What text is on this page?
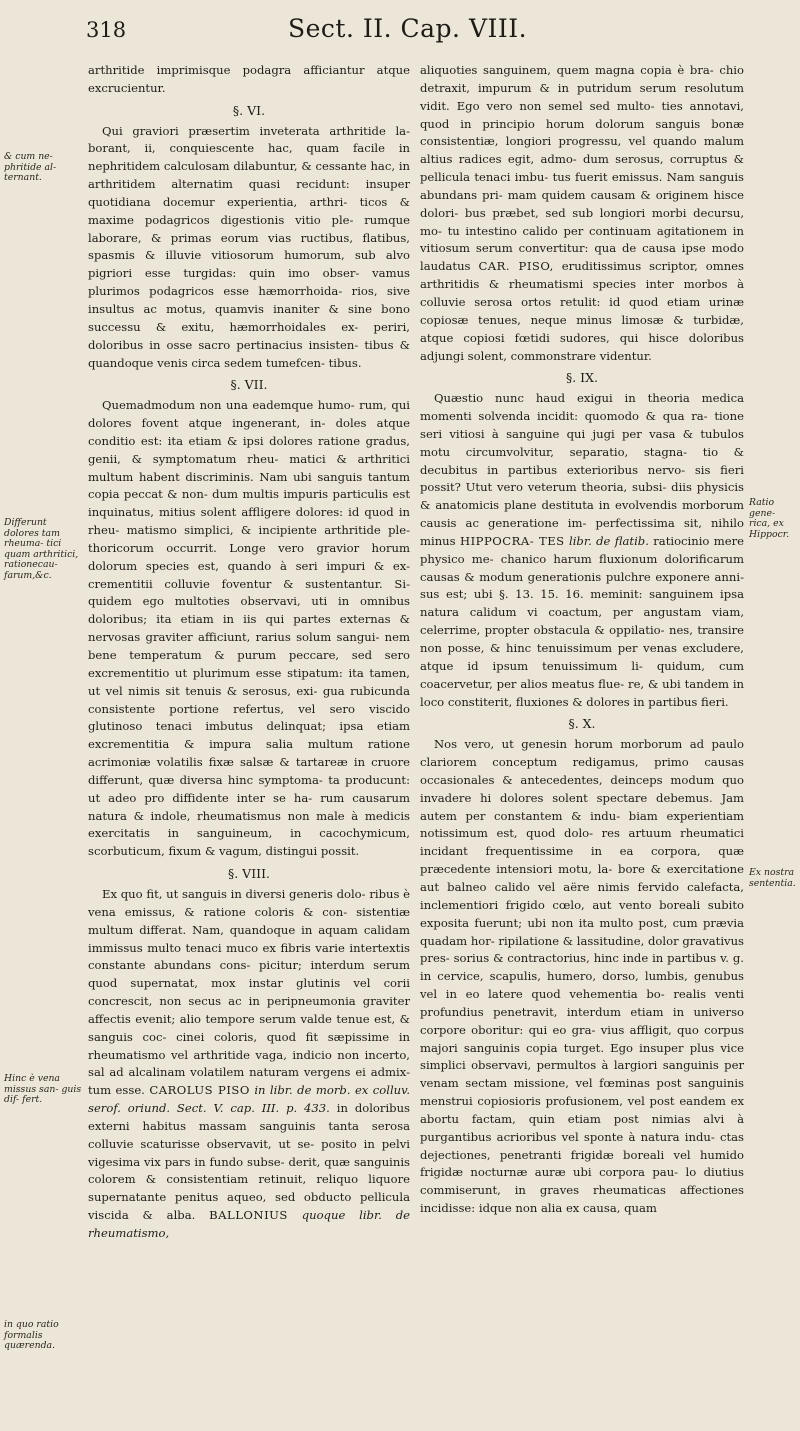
318	Sect. II. Cap. VIII.
& cum ne- phritide al- ternant.
Differunt dolores tam rheuma- tici quam arthritici, rationecau- farum,&c.
Hinc è vena missus san- guis dif- fert.
in quo ratio formalis quærenda.
Ratio gene- rica, ex Hippocr.
Ex nostra sententia.

arthritide imprimisque podagra afficiantur atque excrucientur.

§. VI.

Qui graviori præsertim inveterata arthritide la- borant, ii, conquiescente hac, quam facile in nephritidem calculosam dilabuntur, & cessante hac, in arthritidem alternatim quasi recidunt: insuper quotidiana docemur experientia, arthri- ticos & maxime podagricos digestionis vitio ple- rumque laborare, & primas eorum vias ructibus, flatibus, spasmis & illuvie vitiosorum humorum, sub alvo pigriori esse turgidas: quin imo obser- vamus plurimos podagricos esse hæmorrhoida- rios, sive insultus ac motus, quamvis inaniter & sine bono successu & exitu, hæmorrhoidales ex- periri, doloribus in osse sacro pertinacius insisten- tibus & quandoque venis circa sedem tumefcen- tibus.

§. VII.

Quemadmodum non una eademque humo- rum, qui dolores fovent atque ingenerant, in- doles atque conditio est: ita etiam & ipsi dolores ratione gradus, genii, & symptomatum rheu- matici & arthritici multum habent discriminis. Nam ubi sanguis tantum copia peccat & non- dum multis impuris particulis est inquinatus, mitius solent affligere dolores: id quod in rheu- matismo simplici, & incipiente arthritide ple- thoricorum occurrit. Longe vero gravior horum dolorum species est, quando à seri impuri & ex- crementitii colluvie foventur & sustentantur. Si- quidem ego multoties observavi, uti in omnibus doloribus; ita etiam in iis qui partes externas & nervosas graviter afficiunt, rarius solum sangui- nem bene temperatum & purum peccare, sed sero excrementitio ut plurimum esse stipatum: ita tamen, ut vel nimis sit tenuis & serosus, exi- gua rubicunda consistente portione refertus, vel sero viscido glutinoso tenaci imbutus delinquat; ipsa etiam excrementitia & impura salia multum ratione acrimoniæ volatilis fixæ salsæ & tartareæ in cruore differunt, quæ diversa hinc symptoma- ta producunt: ut adeo pro diffidente inter se ha- rum causarum natura & indole, rheumatismus non male à medicis exercitatis in sanguineum, in cacochymicum, scorbuticum, fixum & vagum, distingui possit.

§. VIII.

Ex quo fit, ut sanguis in diversi generis dolo- ribus è vena emissus, & ratione coloris & con- sistentiæ multum differat. Nam, quandoque in aquam calidam immissus multo tenaci muco ex fibris varie intertextis constante abundans cons- picitur; interdum serum quod supernatat, mox instar glutinis vel corii concrescit, non secus ac in peripneumonia graviter affectis evenit; alio tempore serum valde tenue est, & sanguis coc- cinei coloris, quod fit sæpissime in rheumatismo vel arthritide vaga, indicio non incerto, sal ad alcalinam volatilem naturam vergens ei admix- tum esse. CAROLUS PISO in libr. de morb. ex colluv. serof. oriund. Sect. V. cap. III. p. 433. in doloribus externi habitus massam sanguinis tanta serosa colluvie scaturisse observavit, ut se- posito in pelvi vigesima vix pars in fundo subse- derit, quæ sanguinis colorem & consistentiam retinuit, reliquo liquore supernatante penitus aqueo, sed obducto pellicula viscida & alba. BALLONIUS quoque libr. de rheumatismo,

aliquoties sanguinem, quem magna copia è bra- chio detraxit, impurum & in putridum serum resolutum vidit. Ego vero non semel sed multo- ties annotavi, quod in principio horum dolorum sanguis bonæ consistentiæ, longiori progressu, vel quando malum altius radices egit, admo- dum serosus, corruptus & pellicula tenaci imbu- tus fuerit emissus. Nam sanguis abundans pri- mam quidem causam & originem hisce dolori- bus præbet, sed sub longiori morbi decursu, mo- tu intestino calido per continuam agitationem in vitiosum serum convertitur: qua de causa ipse modo laudatus CAR. PISO, eruditissimus scriptor, omnes arthritidis & rheumatismi species inter morbos à colluvie serosa ortos retulit: id quod etiam urinæ copiosæ tenues, neque minus limosæ & turbidæ, atque copiosi fœtidi sudores, qui hisce doloribus adjungi solent, commonstrare videntur.

§. IX.

Quæstio nunc haud exigui in theoria medica momenti solvenda incidit: quomodo & qua ra- tione seri vitiosi à sanguine qui jugi per vasa & tubulos motu circumvolvitur, separatio, stagna- tio & decubitus in partibus exterioribus nervo- sis fieri possit? Utut vero veterum theoria, subsi- diis physicis & anatomicis plane destituta in evolvendis morborum causis ac generatione im- perfectissima sit, nihilo minus HIPPOCRA- TES libr. de flatib. ratiocinio mere physico me- chanico harum fluxionum dolorificarum causas & modum generationis pulchre exponere anni- sus est; ubi §. 13. 15. 16. meminit: sanguinem ipsa natura calidum vi coactum, per angustam viam, celerrime, propter obstacula & oppilatio- nes, transire non posse, & hinc tenuissimum per venas excludere, atque id ipsum tenuissimum li- quidum, cum coacervetur, per alios meatus flue- re, & ubi tandem in loco constiterit, fluxiones & dolores in partibus fieri.

§. X.

Nos vero, ut genesin horum morborum ad paulo clariorem conceptum redigamus, primo causas occasionales & antecedentes, deinceps modum quo invadere hi dolores solent spectare debemus. Jam autem per constantem & indu- biam experientiam notissimum est, quod dolo- res artuum rheumatici incidant frequentissime in ea corpora, quæ præcedente intensiori motu, la- bore & exercitatione aut balneo calido vel aëre nimis fervido calefacta, inclementiori frigido cœlo, aut vento boreali subito exposita fuerunt; ubi non ita multo post, cum prævia quadam hor- ripilatione & lassitudine, dolor gravativus pres- sorius & contractorius, hinc inde in partibus v. g. in cervice, scapulis, humero, dorso, lumbis, genubus vel in eo latere quod vehementia bo- realis venti profundius penetravit, interdum etiam in universo corpore oboritur: qui eo gra- vius affligit, quo corpus majori sanguinis copia turget. Ego insuper plus vice simplici observavi, permultos à largiori sanguinis per venam sectam missione, vel fœminas post sanguinis menstrui copiosioris profusionem, vel post eandem ex abortu factam, quin etiam post nimias alvi à purgantibus acrioribus vel sponte à natura indu- ctas dejectiones, penetranti frigidæ boreali vel humido frigidæ nocturnæ auræ ubi corpora pau- lo diutius commiserunt, in graves rheumaticas affectiones incidisse: idque non alia ex causa, quam
